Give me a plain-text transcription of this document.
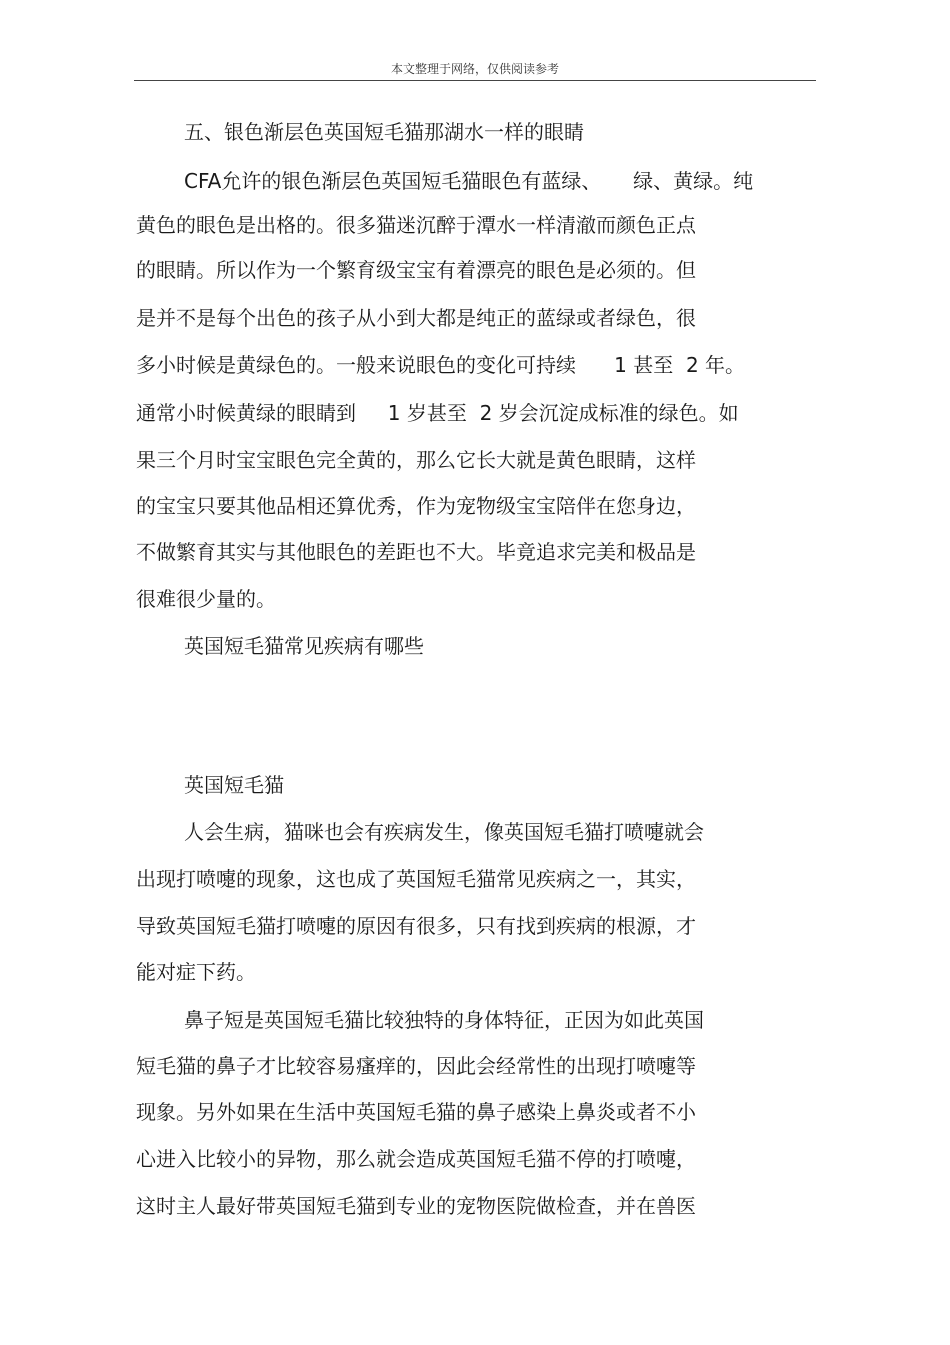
本文整理于网络，仅供阅读参考
五、银色渐层色英国短毛猫那湖水一样的眼睛
CFA允许的银色渐层色英国短毛猫眼色有蓝绿、     绿、黄绿。纯
黄色的眼色是出格的。很多猫迷沉醉于潭水一样清澈而颜色正点
的眼睛。所以作为一个繁育级宝宝有着漂亮的眼色是必须的。但
是并不是每个出色的孩子从小到大都是纯正的蓝绿或者绿色，很
多小时候是黄绿色的。一般来说眼色的变化可持续      1 甚至  2 年。
通常小时候黄绿的眼睛到     1 岁甚至  2 岁会沉淀成标准的绿色。如
果三个月时宝宝眼色完全黄的，那么它长大就是黄色眼睛，这样
的宝宝只要其他品相还算优秀，作为宠物级宝宝陪伴在您身边，
不做繁育其实与其他眼色的差距也不大。毕竟追求完美和极品是
很难很少量的。
英国短毛猫常见疾病有哪些
英国短毛猫
人会生病，猫咪也会有疾病发生，像英国短毛猫打喷嚏就会
出现打喷嚏的现象，这也成了英国短毛猫常见疾病之一，其实，
导致英国短毛猫打喷嚏的原因有很多，只有找到疾病的根源，才
能对症下药。
鼻子短是英国短毛猫比较独特的身体特征，正因为如此英国
短毛猫的鼻子才比较容易瘙痒的，因此会经常性的出现打喷嚏等
现象。另外如果在生活中英国短毛猫的鼻子感染上鼻炎或者不小
心进入比较小的异物，那么就会造成英国短毛猫不停的打喷嚏，
这时主人最好带英国短毛猫到专业的宠物医院做检查，并在兽医
